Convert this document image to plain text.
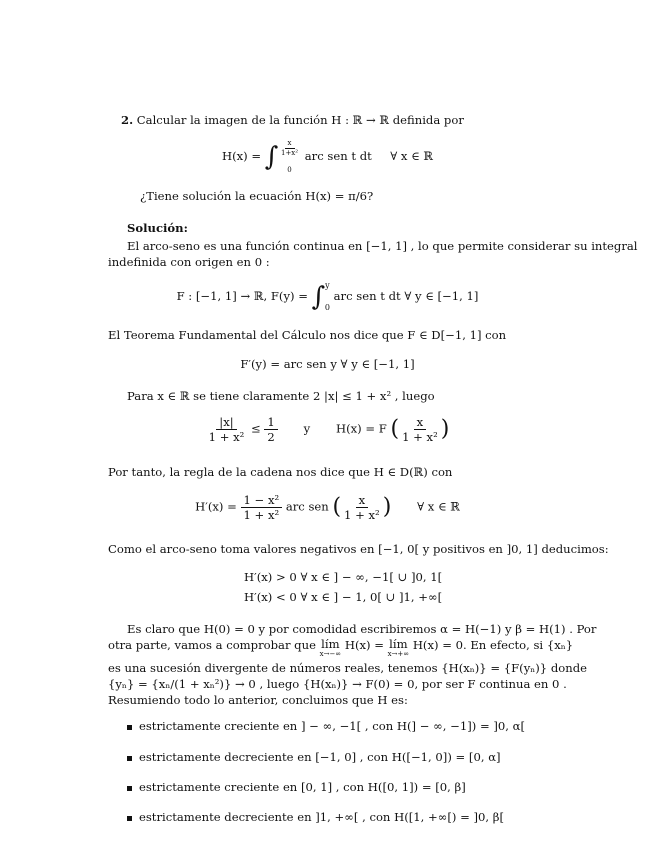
2. Calcular la imagen de la función H : ℝ → ℝ definida por
H(x) = ∫ $\frac{x}{\text{1+x²}}$
0
arc sen t dt ∀ x ∈ ℝ
¿Tiene solución la ecuación H(x) = π/6?
Solución:
El arco-seno es una función continua en [−1, 1] , lo que permite considerar su integral
indefinida con origen en 0 :
F : [−1, 1] → ℝ, F(y) = ∫ y
0
arc sen t dt ∀ y ∈ [−1, 1]
El Teorema Fundamental del Cálculo nos dice que F ∈ D[−1, 1] con
F′(y) = arc sen y ∀ y ∈ [−1, 1]
Para x ∈ ℝ se tiene claramente 2 |x| ≤ 1 + x² , luego
$\frac{|x|}{\text{1 + x²}} \le \frac{1}{2}$ y H(x) = F ( $\frac{x}{\text{1 + x²}}$ )
Por tanto, la regla de la cadena nos dice que H ∈ D(ℝ) con
$H'(x) = \frac{\text{1 − x²}}{\text{1 + x²}}$ arc sen ( $\frac{x}{\text{1 + x²}}$ ) ∀ x ∈ ℝ
Como el arco-seno toma valores negativos en [−1, 0[ y positivos en ]0, 1] deducimos:
H′(x) > 0 ∀ x ∈ ] − ∞, −1[ ∪ ]0, 1[
H′(x) < 0 ∀ x ∈ ] − 1, 0[ ∪ ]1, +∞[
Es claro que H(0) = 0 y por comodidad escribiremos α = H(−1) y β = H(1) . Por
otra parte, vamos a comprobar que lím
x→−∞
H(x) = lím
x→+∞
H(x) = 0. En efecto, si {xₙ}
es una sucesión divergente de números reales, tenemos {H(xₙ)} = {F(yₙ)} donde
{yₙ} = {xₙ/(1 + xₙ²)} → 0 , luego {H(xₙ)} → F(0) = 0, por ser F continua en 0 .
Resumiendo todo lo anterior, concluimos que H es:
estrictamente creciente en ] − ∞, −1[ , con H(] − ∞, −1]) = ]0, α[
estrictamente decreciente en [−1, 0] , con H([−1, 0]) = [0, α]
estrictamente creciente en [0, 1] , con H([0, 1]) = [0, β]
estrictamente decreciente en ]1, +∞[ , con H([1, +∞[) = ]0, β[
